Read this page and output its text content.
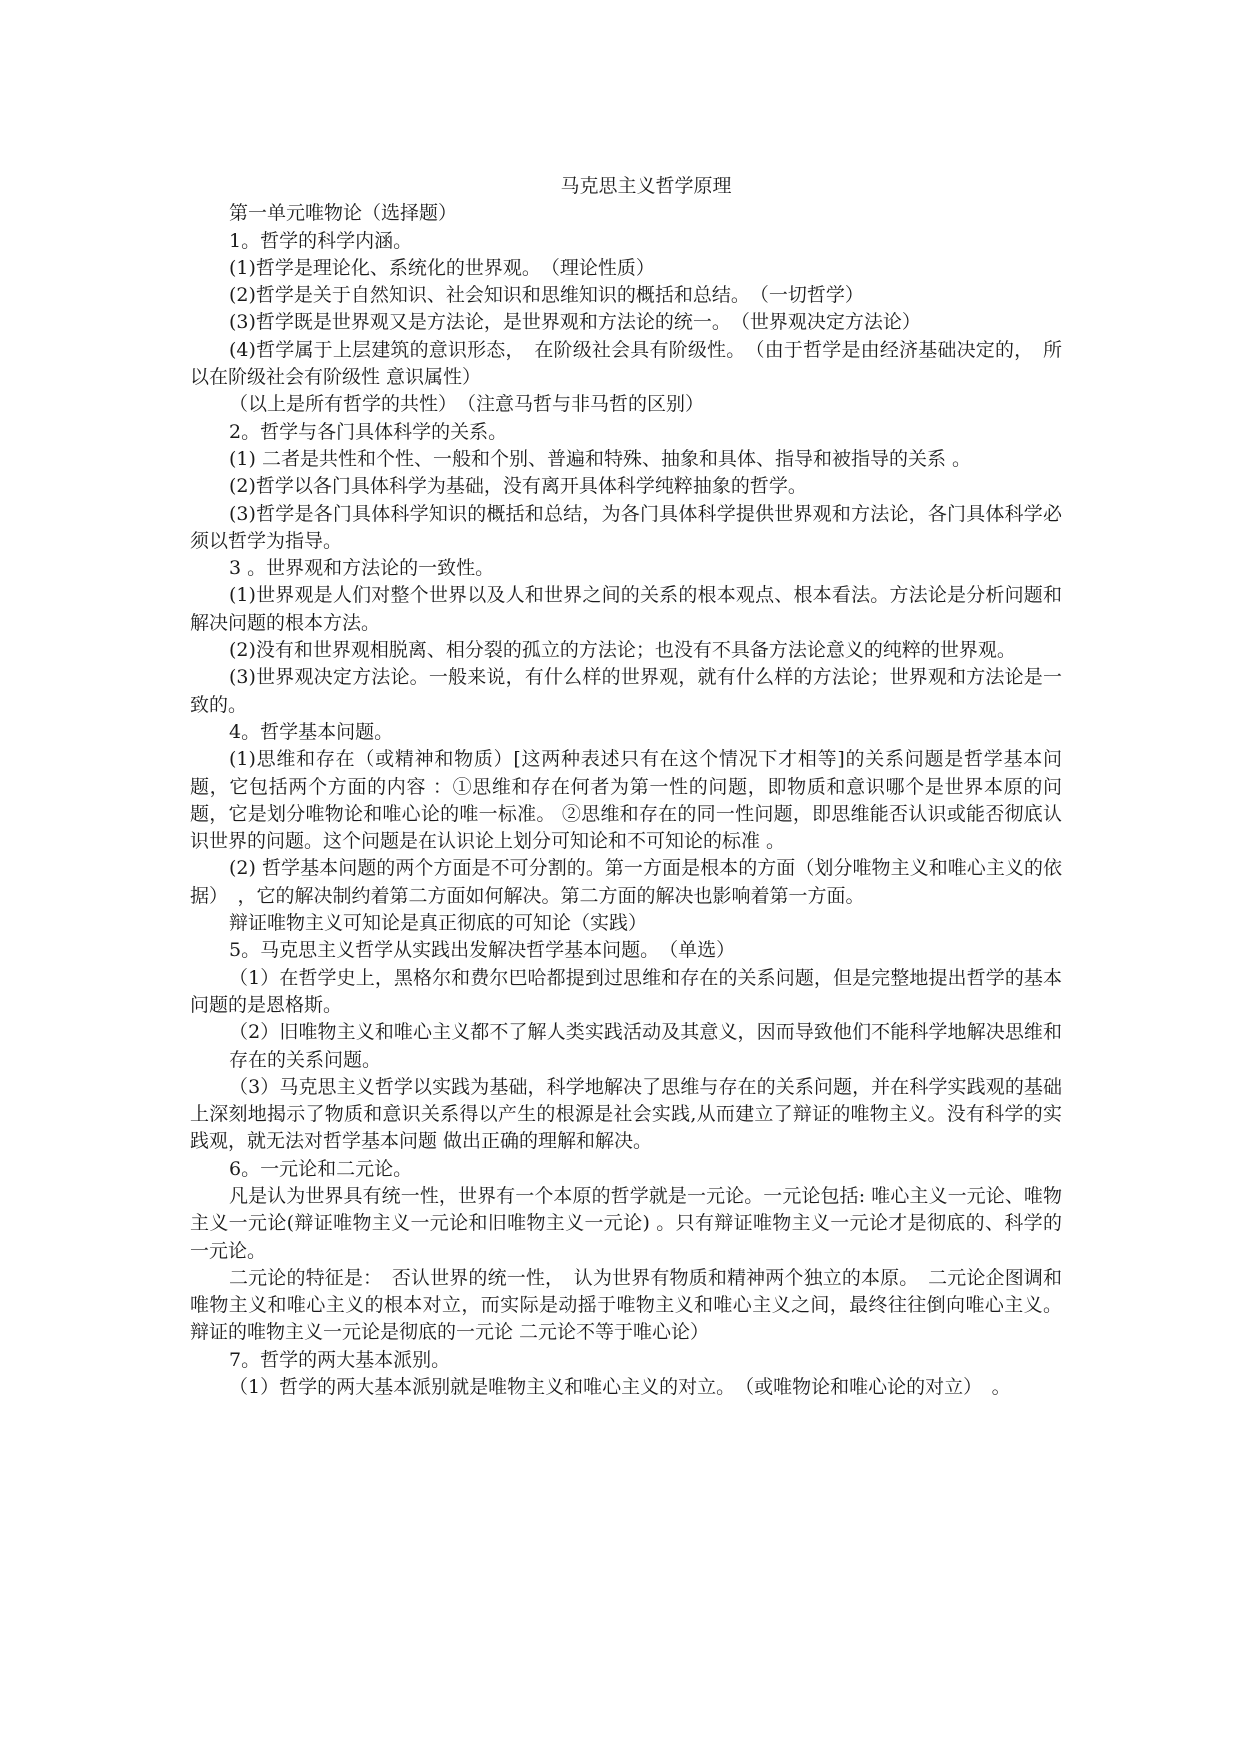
马克思主义哲学原理

第一单元唯物论（选择题）

1。哲学的科学内涵。

(1)哲学是理论化、系统化的世界观。　（理论性质）

(2)哲学是关于自然知识、社会知识和思维知识的概括和总结。　（一切哲学）

(3)哲学既是世界观又是方法论，是世界观和方法论的统一。　（世界观决定方法论）

(4)哲学属于上层建筑的意识形态，　在阶级社会具有阶级性。　（由于哲学是由经济基础决定的，　所以在阶级社会有阶级性 意识属性）

（以上是所有哲学的共性）　（注意马哲与非马哲的区别）

2。哲学与各门具体科学的关系。

(1) 二者是共性和个性、一般和个别、普遍和特殊、抽象和具体、指导和被指导的关系 。

(2)哲学以各门具体科学为基础，没有离开具体科学纯粹抽象的哲学。

(3)哲学是各门具体科学知识的概括和总结，为各门具体科学提供世界观和方法论，各门具体科学必须以哲学为指导。

3 。世界观和方法论的一致性。

(1)世界观是人们对整个世界以及人和世界之间的关系的根本观点、根本看法。方法论是分析问题和解决问题的根本方法。

(2)没有和世界观相脱离、相分裂的孤立的方法论；也没有不具备方法论意义的纯粹的世界观。

(3)世界观决定方法论。一般来说，有什么样的世界观，就有什么样的方法论；世界观和方法论是一致的。

4。哲学基本问题。

(1)思维和存在（或精神和物质）[这两种表述只有在这个情况下才相等]的关系问题是哲学基本问题，它包括两个方面的内容 ：①思维和存在何者为第一性的问题，即物质和意识哪个是世界本原的问题，它是划分唯物论和唯心论的唯一标准。 ②思维和存在的同一性问题，即思维能否认识或能否彻底认识世界的问题。这个问题是在认识论上划分可知论和不可知论的标准 。

(2) 哲学基本问题的两个方面是不可分割的。第一方面是根本的方面（划分唯物主义和唯心主义的依据）　，它的解决制约着第二方面如何解决。第二方面的解决也影响着第一方面。

辩证唯物主义可知论是真正彻底的可知论（实践）

5。马克思主义哲学从实践出发解决哲学基本问题。　（单选）

（1）在哲学史上，黑格尔和费尔巴哈都提到过思维和存在的关系问题，但是完整地提出哲学的基本问题的是恩格斯。

（2）旧唯物主义和唯心主义都不了解人类实践活动及其意义，因而导致他们不能科学地解决思维和存在的关系问题。

（3）马克思主义哲学以实践为基础，科学地解决了思维与存在的关系问题，并在科学实践观的基础上深刻地揭示了物质和意识关系得以产生的根源是社会实践,从而建立了辩证的唯物主义。没有科学的实践观，就无法对哲学基本问题 做出正确的理解和解决。

6。一元论和二元论。

凡是认为世界具有统一性，世界有一个本原的哲学就是一元论。一元论包括: 唯心主义一元论、唯物主义一元论(辩证唯物主义一元论和旧唯物主义一元论) 。只有辩证唯物主义一元论才是彻底的、科学的一元论。

二元论的特征是：　否认世界的统一性，　认为世界有物质和精神两个独立的本原。　二元论企图调和唯物主义和唯心主义的根本对立，而实际是动摇于唯物主义和唯心主义之间，最终往往倒向唯心主义。辩证的唯物主义一元论是彻底的一元论 二元论不等于唯心论）

7。哲学的两大基本派别。

（1）哲学的两大基本派别就是唯物主义和唯心主义的对立。　（或唯物论和唯心论的对立）　。
